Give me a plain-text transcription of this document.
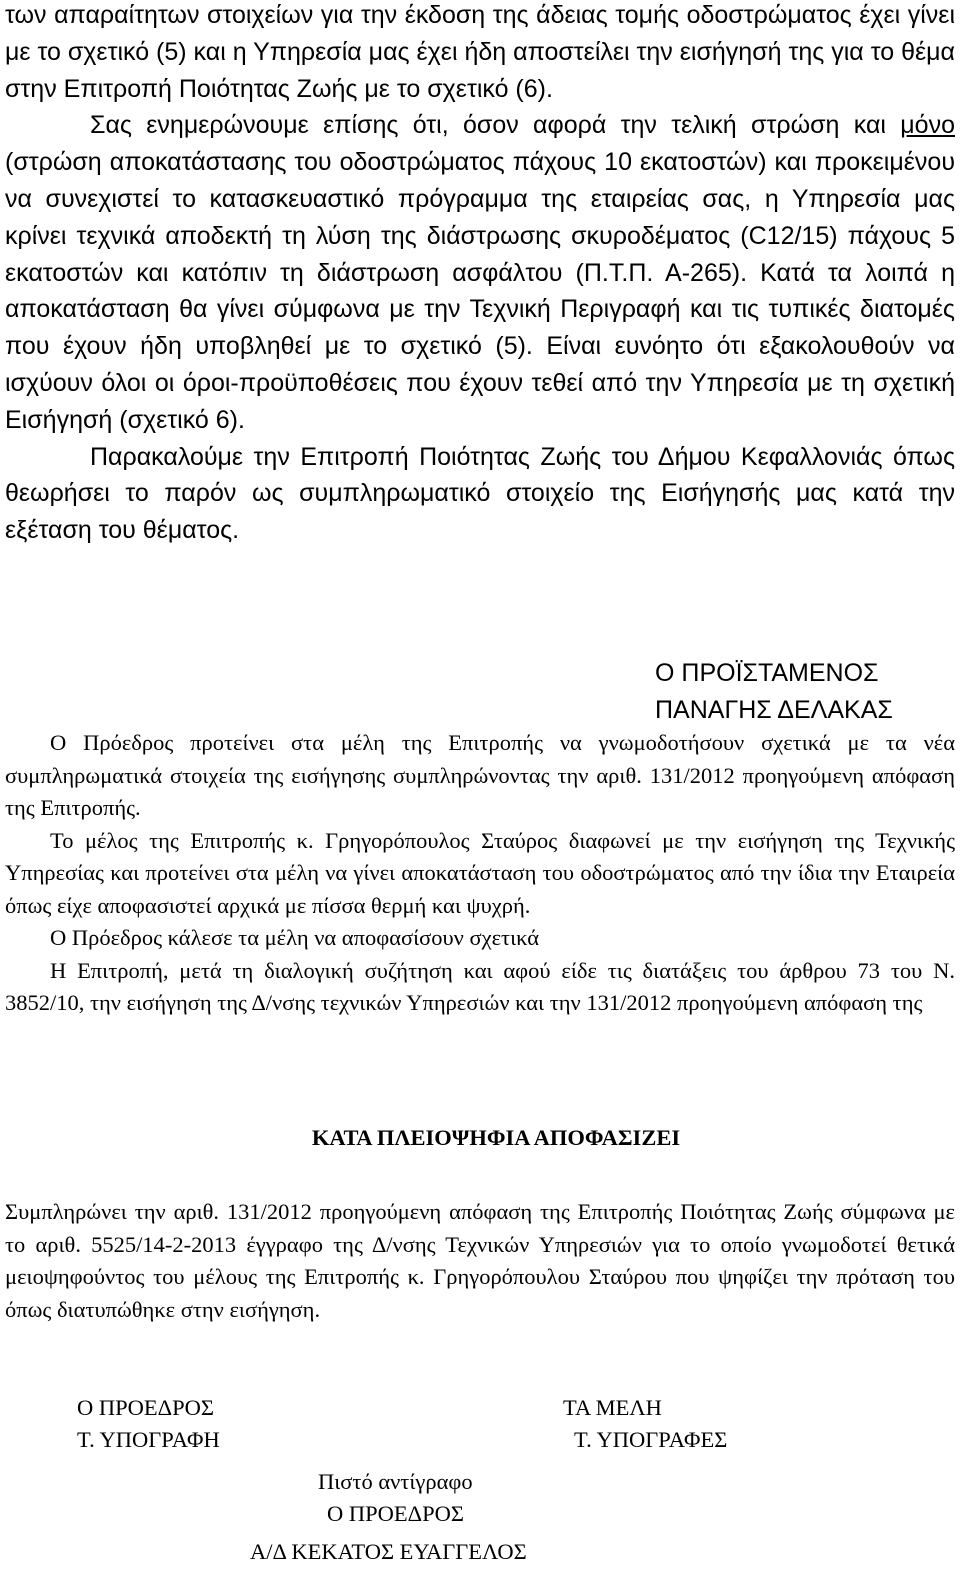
των απαραίτητων στοιχείων για την έκδοση της άδειας τομής οδοστρώματος έχει γίνει με το σχετικό (5) και η Υπηρεσία μας έχει ήδη αποστείλει την εισήγησή της για το θέμα στην Επιτροπή Ποιότητας Ζωής με το σχετικό (6).

Σας ενημερώνουμε επίσης ότι, όσον αφορά την τελική στρώση και μόνο (στρώση αποκατάστασης του οδοστρώματος πάχους 10 εκατοστών) και προκειμένου να συνεχιστεί το κατασκευαστικό πρόγραμμα της εταιρείας σας, η Υπηρεσία μας κρίνει τεχνικά αποδεκτή τη λύση της διάστρωσης σκυροδέματος (C12/15) πάχους 5 εκατοστών και κατόπιν τη διάστρωση ασφάλτου (Π.Τ.Π. Α-265). Κατά τα λοιπά η αποκατάσταση θα γίνει σύμφωνα με την Τεχνική Περιγραφή και τις τυπικές διατομές που έχουν ήδη υποβληθεί με το σχετικό (5). Είναι ευνόητο ότι εξακολουθούν να ισχύουν όλοι οι όροι-προϋποθέσεις που έχουν τεθεί από την Υπηρεσία με τη σχετική Εισήγησή (σχετικό 6).

Παρακαλούμε την Επιτροπή Ποιότητας Ζωής του Δήμου Κεφαλλονιάς όπως θεωρήσει το παρόν ως συμπληρωματικό στοιχείο της Εισήγησής μας κατά την εξέταση του θέματος.

Ο ΠΡΟΪΣΤΑΜΕΝΟΣ
ΠΑΝΑΓΗΣ ΔΕΛΑΚΑΣ

Ο Πρόεδρος προτείνει στα μέλη της Επιτροπής να γνωμοδοτήσουν σχετικά με τα νέα συμπληρωματικά στοιχεία της εισήγησης συμπληρώνοντας την αριθ. 131/2012 προηγούμενη απόφαση της Επιτροπής.

Το μέλος της Επιτροπής κ. Γρηγορόπουλος Σταύρος διαφωνεί με την εισήγηση της Τεχνικής Υπηρεσίας και προτείνει στα μέλη να γίνει αποκατάσταση του οδοστρώματος από την ίδια την Εταιρεία όπως είχε αποφασιστεί αρχικά με πίσσα θερμή και ψυχρή.

Ο Πρόεδρος κάλεσε τα μέλη να αποφασίσουν σχετικά

Η Επιτροπή, μετά τη διαλογική συζήτηση και αφού είδε τις διατάξεις του άρθρου 73 του Ν. 3852/10, την εισήγηση της Δ/νσης τεχνικών Υπηρεσιών και την 131/2012 προηγούμενη απόφαση της

ΚΑΤΑ ΠΛΕΙΟΨΗΦΙΑ ΑΠΟΦΑΣΙΖΕΙ

Συμπληρώνει την αριθ. 131/2012 προηγούμενη απόφαση της Επιτροπής Ποιότητας Ζωής σύμφωνα με το αριθ. 5525/14-2-2013 έγγραφο της Δ/νσης Τεχνικών Υπηρεσιών για το οποίο γνωμοδοτεί θετικά μειοψηφούντος του μέλους της Επιτροπής κ. Γρηγορόπουλου Σταύρου που ψηφίζει την πρόταση του όπως διατυπώθηκε στην εισήγηση.

Ο ΠΡΟΕΔΡΟΣ
Τ. ΥΠΟΓΡΑΦΗ
ΤΑ ΜΕΛΗ
Τ. ΥΠΟΓΡΑΦΕΣ
Πιστό αντίγραφο
Ο ΠΡΟΕΔΡΟΣ
Α/Δ ΚΕΚΑΤΟΣ ΕΥΑΓΓΕΛΟΣ
